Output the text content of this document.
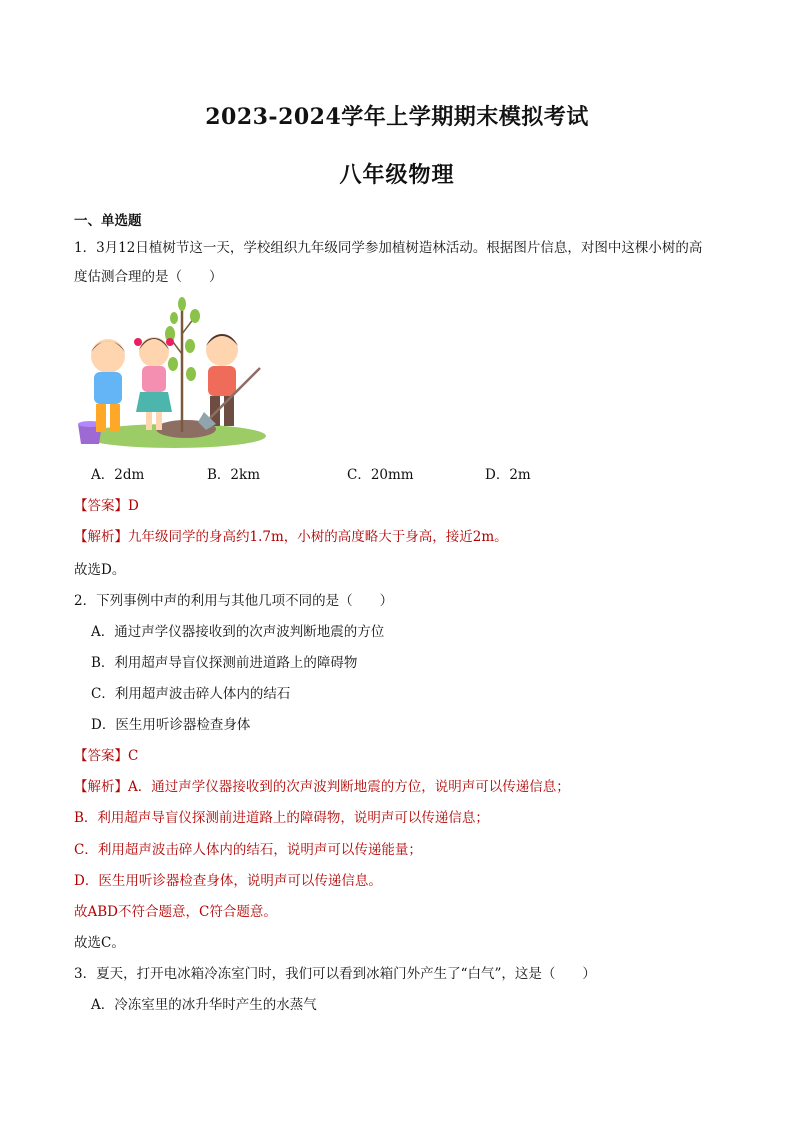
2023-2024学年上学期期末模拟考试
八年级物理
一、单选题
1．3月12日植树节这一天，学校组织九年级同学参加植树造林活动。根据图片信息，对图中这棵小树的高
度估测合理的是（　　）
A．2dm	B．2km	C．20mm	D．2m
【答案】D
【解析】九年级同学的身高约1.7m，小树的高度略大于身高，接近2m。
故选D。
2．下列事例中声的利用与其他几项不同的是（　　）
A．通过声学仪器接收到的次声波判断地震的方位
B．利用超声导盲仪探测前进道路上的障碍物
C．利用超声波击碎人体内的结石
D．医生用听诊器检查身体
【答案】C
【解析】A．通过声学仪器接收到的次声波判断地震的方位，说明声可以传递信息；
B．利用超声导盲仪探测前进道路上的障碍物，说明声可以传递信息；
C．利用超声波击碎人体内的结石，说明声可以传递能量；
D．医生用听诊器检查身体，说明声可以传递信息。
故ABD不符合题意，C符合题意。
故选C。
3．夏天，打开电冰箱冷冻室门时，我们可以看到冰箱门外产生了“白气”，这是（　　）
A．冷冻室里的冰升华时产生的水蒸气
